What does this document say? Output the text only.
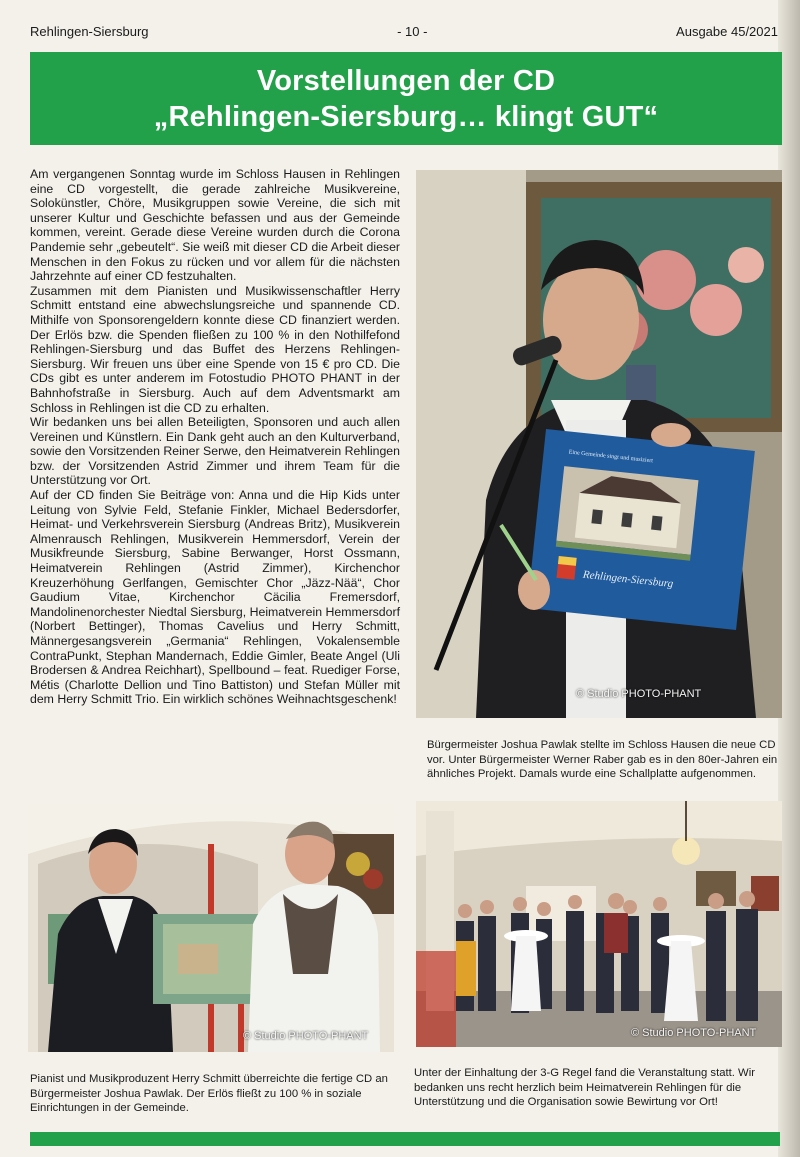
Rehlingen-Siersburg	- 10 -	Ausgabe 45/2021
Vorstellungen der CD
„Rehlingen-Siersburg… klingt GUT“

Am vergangenen Sonntag wurde im Schloss Hausen in Rehlingen eine CD vorgestellt, die gerade zahlreiche Musikvereine, Solokünstler, Chöre, Musikgruppen sowie Vereine, die sich mit unserer Kultur und Geschichte befassen und aus der Gemeinde kommen, vereint. Gerade diese Vereine wurden durch die Corona Pandemie sehr „gebeutelt“. Sie weiß mit dieser CD die Arbeit dieser Menschen in den Fokus zu rücken und vor allem für die nächsten Jahrzehnte auf einer CD festzuhalten.

Zusammen mit dem Pianisten und Musikwissenschaftler Herry Schmitt entstand eine abwechslungsreiche und spannende CD. Mithilfe von Sponsorengeldern konnte diese CD finanziert werden. Der Erlös bzw. die Spenden fließen zu 100 % in den Nothilfefond Rehlingen-Siersburg und das Buffet des Herzens Rehlingen-Siersburg. Wir freuen uns über eine Spende von 15 € pro CD. Die CDs gibt es unter anderem im Fotostudio PHOTO PHANT in der Bahnhofstraße in Siersburg. Auch auf dem Adventsmarkt am Schloss in Rehlingen ist die CD zu erhalten.

Wir bedanken uns bei allen Beteiligten, Sponsoren und auch allen Vereinen und Künstlern. Ein Dank geht auch an den Kulturverband, sowie den Vorsitzenden Reiner Serwe, den Heimatverein Rehlingen bzw. der Vorsitzenden Astrid Zimmer und ihrem Team für die Unterstützung vor Ort.

Auf der CD finden Sie Beiträge von: Anna und die Hip Kids unter Leitung von Sylvie Feld, Stefanie Finkler, Michael Bedersdorfer, Heimat- und Verkehrsverein Siersburg (Andreas Britz), Musikverein Almenrausch Rehlingen, Musikverein Hemmersdorf, Verein der Musikfreunde Siersburg, Sabine Berwanger, Horst Ossmann, Heimatverein Rehlingen (Astrid Zimmer), Kirchenchor Kreuzerhöhung Gerlfangen, Gemischter Chor „Jäzz-Nää“, Chor Gaudium Vitae, Kirchenchor Cäcilia Fremersdorf, Mandolinenorchester Niedtal Siersburg, Heimatverein Hemmersdorf (Norbert Bettinger), Thomas Cavelius und Herry Schmitt, Männergesangsverein „Germania“ Rehlingen, Vokalensemble ContraPunkt, Stephan Mandernach, Eddie Gimler, Beate Angel (Uli Brodersen & Andrea Reichhart), Spellbound – feat. Ruediger Forse, Métis (Charlotte Dellion und Tino Battiston) und Stefan Müller mit dem Herry Schmitt Trio. Ein wirklich schönes Weihnachtsgeschenk!

Eine Gemeinde singt und musiziert
Rehlingen-Siersburg
© Studio PHOTO-PHANT
Bürgermeister Joshua Pawlak stellte im Schloss Hausen die neue CD vor. Unter Bürgermeister Werner Raber gab es in den 80er-Jahren ein ähnliches Projekt. Damals wurde eine Schallplatte aufgenommen.
© Studio PHOTO-PHANT
Pianist und Musikproduzent Herry Schmitt überreichte die fertige CD an Bürgermeister Joshua Pawlak. Der Erlös fließt zu 100 % in soziale Einrichtungen in der Gemeinde.
© Studio PHOTO-PHANT
Unter der Einhaltung der 3-G Regel fand die Veranstaltung statt. Wir bedanken uns recht herzlich beim Heimatverein Rehlingen für die Unterstützung und die Organisation sowie Bewirtung vor Ort!
